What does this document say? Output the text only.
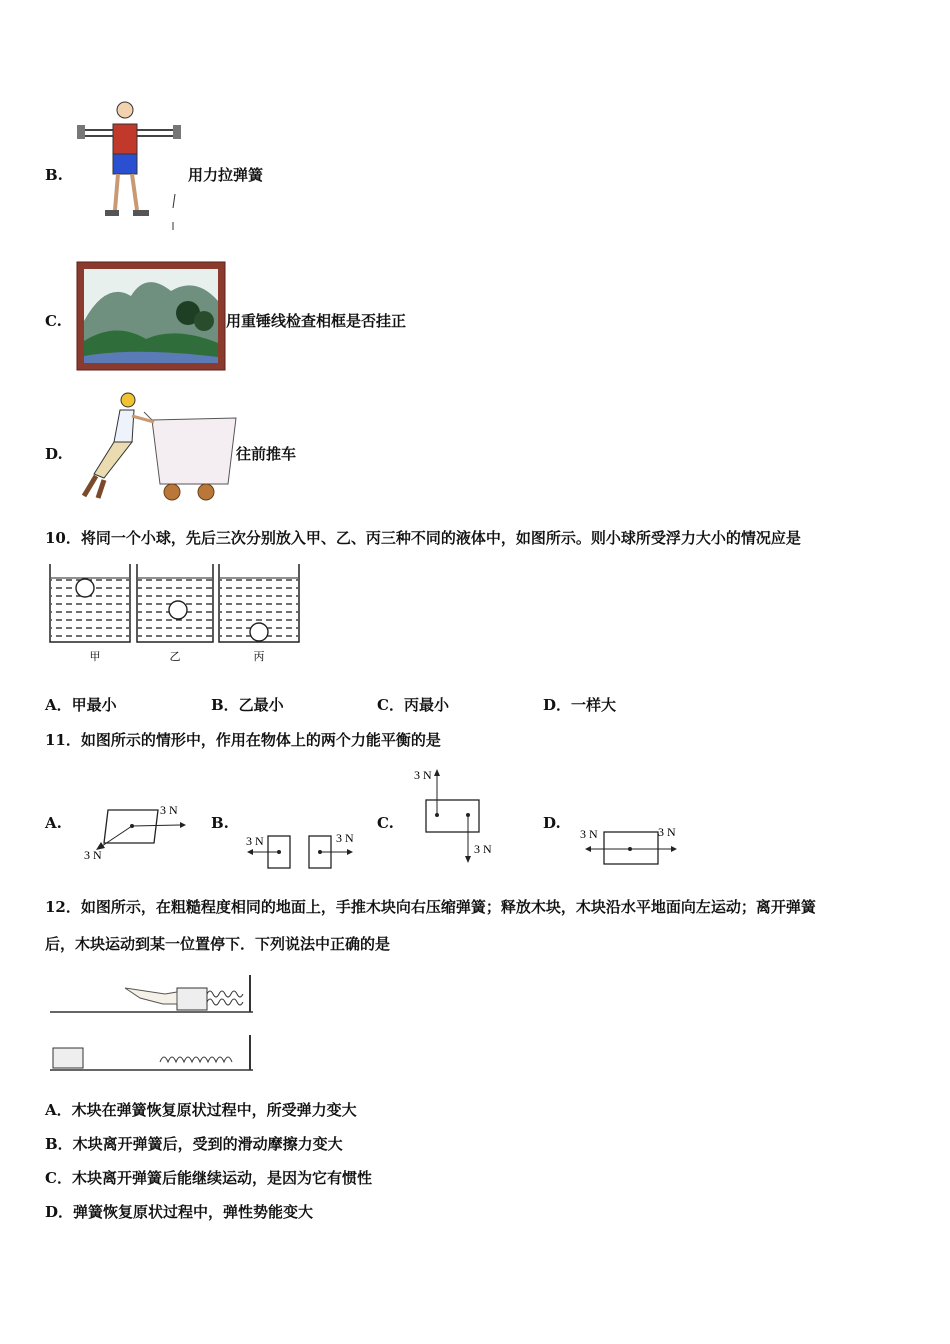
B.	用力拉弹簧
C.	用重锤线检查相框是否挂正
D.	往前推车
10．将同一个小球，先后三次分别放入甲、乙、丙三种不同的液体中，如图所示。则小球所受浮力大小的情况应是
甲	乙	丙
A．甲最小	B．乙最小	C．丙最小	D．一样大
11．如图所示的情形中，作用在物体上的两个力能平衡的是
A.
3 N
3 N
B.
3 N	3 N
C.
3 N
3 N
D.
3 N	3 N
12．如图所示，在粗糙程度相同的地面上，手推木块向右压缩弹簧；释放木块，木块沿水平地面向左运动；离开弹簧
后，木块运动到某一位置停下．下列说法中正确的是
A．木块在弹簧恢复原状过程中，所受弹力变大
B．木块离开弹簧后，受到的滑动摩擦力变大
C．木块离开弹簧后能继续运动，是因为它有惯性
D．弹簧恢复原状过程中，弹性势能变大
